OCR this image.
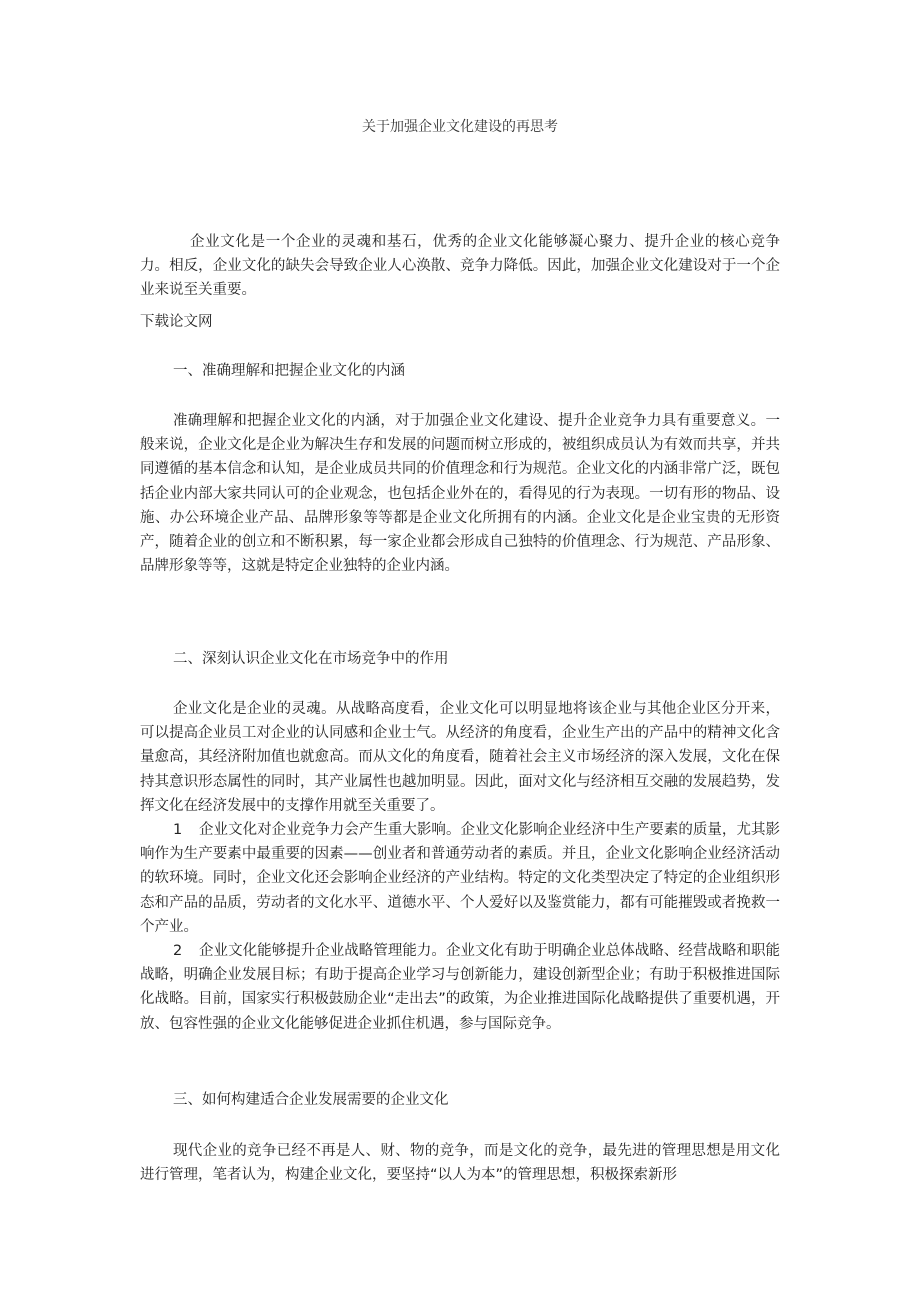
关于加强企业文化建设的再思考

企业文化是一个企业的灵魂和基石，优秀的企业文化能够凝心聚力、提升企业的核心竞争力。相反，企业文化的缺失会导致企业人心涣散、竞争力降低。因此，加强企业文化建设对于一个企业来说至关重要。

下载论文网
一、准确理解和把握企业文化的内涵

准确理解和把握企业文化的内涵，对于加强企业文化建设、提升企业竞争力具有重要意义。一般来说，企业文化是企业为解决生存和发展的问题而树立形成的，被组织成员认为有效而共享，并共同遵循的基本信念和认知，是企业成员共同的价值理念和行为规范。企业文化的内涵非常广泛，既包括企业内部大家共同认可的企业观念，也包括企业外在的，看得见的行为表现。一切有形的物品、设施、办公环境企业产品、品牌形象等等都是企业文化所拥有的内涵。企业文化是企业宝贵的无形资产，随着企业的创立和不断积累，每一家企业都会形成自己独特的价值理念、行为规范、产品形象、品牌形象等等，这就是特定企业独特的企业内涵。

二、深刻认识企业文化在市场竞争中的作用

企业文化是企业的灵魂。从战略高度看，企业文化可以明显地将该企业与其他企业区分开来，可以提高企业员工对企业的认同感和企业士气。从经济的角度看，企业生产出的产品中的精神文化含量愈高，其经济附加值也就愈高。而从文化的角度看，随着社会主义市场经济的深入发展，文化在保持其意识形态属性的同时，其产业属性也越加明显。因此，面对文化与经济相互交融的发展趋势，发挥文化在经济发展中的支撑作用就至关重要了。

1 企业文化对企业竞争力会产生重大影响。企业文化影响企业经济中生产要素的质量，尤其影响作为生产要素中最重要的因素——创业者和普通劳动者的素质。并且，企业文化影响企业经济活动的软环境。同时，企业文化还会影响企业经济的产业结构。特定的文化类型决定了特定的企业组织形态和产品的品质，劳动者的文化水平、道德水平、个人爱好以及鉴赏能力，都有可能摧毁或者挽救一个产业。

2 企业文化能够提升企业战略管理能力。企业文化有助于明确企业总体战略、经营战略和职能战略，明确企业发展目标；有助于提高企业学习与创新能力，建设创新型企业；有助于积极推进国际化战略。目前，国家实行积极鼓励企业“走出去”的政策，为企业推进国际化战略提供了重要机遇，开放、包容性强的企业文化能够促进企业抓住机遇，参与国际竞争。

三、如何构建适合企业发展需要的企业文化

现代企业的竞争已经不再是人、财、物的竞争，而是文化的竞争，最先进的管理思想是用文化进行管理，笔者认为，构建企业文化，要坚持“以人为本”的管理思想，积极探索新形
